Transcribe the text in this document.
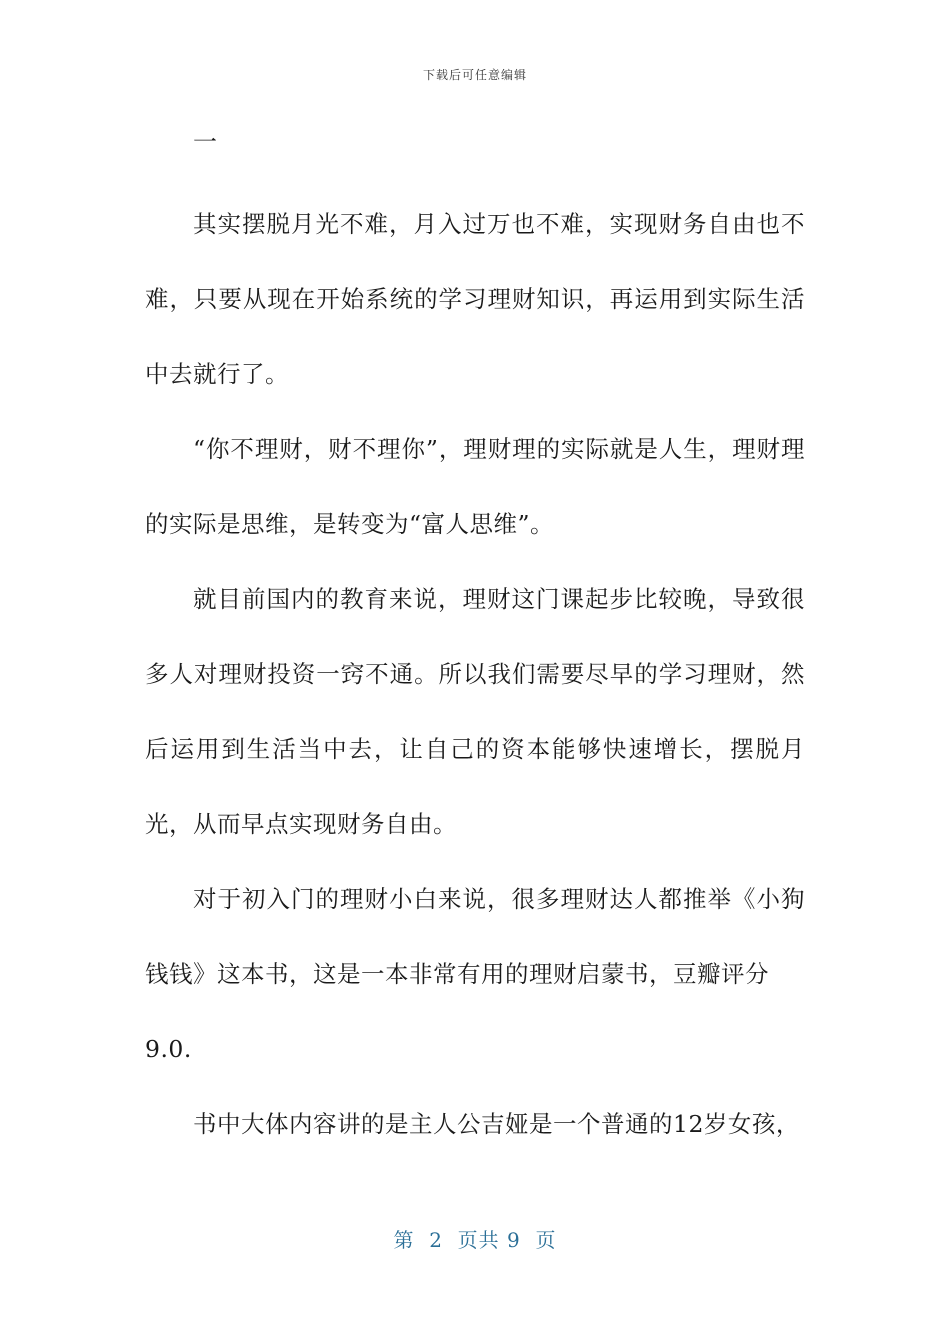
下载后可任意编辑
一

其实摆脱月光不难，月入过万也不难，实现财务自由也不难，只要从现在开始系统的学习理财知识，再运用到实际生活中去就行了。

“你不理财，财不理你”，理财理的实际就是人生，理财理的实际是思维，是转变为“富人思维”。

就目前国内的教育来说，理财这门课起步比较晚，导致很多人对理财投资一窍不通。所以我们需要尽早的学习理财，然后运用到生活当中去，让自己的资本能够快速增长，摆脱月光，从而早点实现财务自由。

对于初入门的理财小白来说，很多理财达人都推举《小狗钱钱》这本书，这是一本非常有用的理财启蒙书，豆瓣评分

9.0.

书中大体内容讲的是主人公吉娅是一个普通的12岁女孩，

第  2  页共 9  页
